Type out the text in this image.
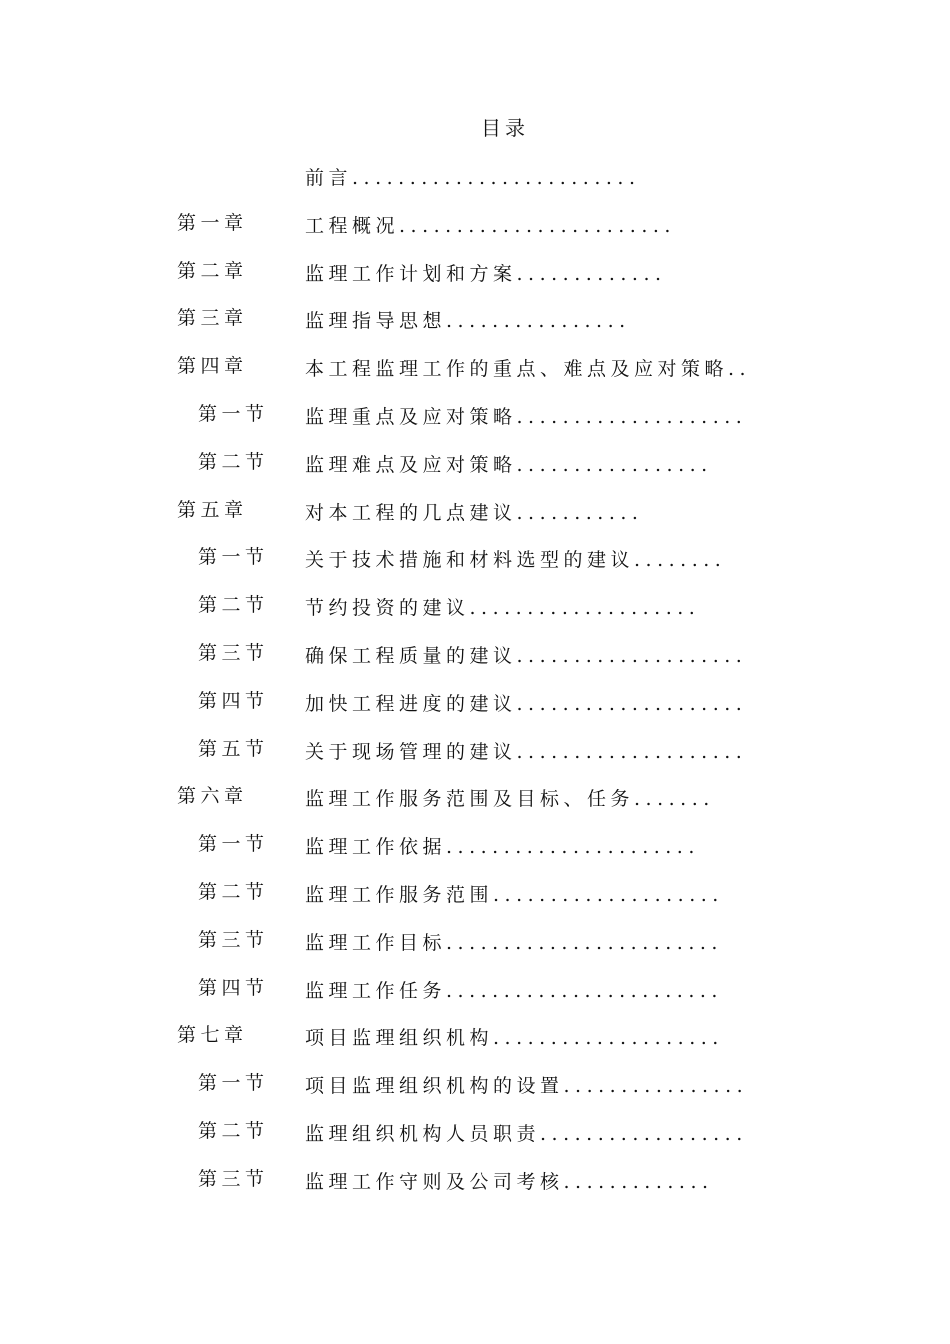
目录
前言.........................
第一章	工程概况........................
第二章	监理工作计划和方案.............
第三章	监理指导思想................
第四章	本工程监理工作的重点、难点及应对策略..
第一节 监理重点及应对策略....................
第二节 监理难点及应对策略.................
第五章	对本工程的几点建议...........
第一节 关于技术措施和材料选型的建议........
第二节 节约投资的建议....................
第三节 确保工程质量的建议....................
第四节 加快工程进度的建议....................
第五节 关于现场管理的建议....................
第六章	监理工作服务范围及目标、任务.......
第一节 监理工作依据......................
第二节 监理工作服务范围....................
第三节 监理工作目标........................
第四节 监理工作任务........................
第七章	项目监理组织机构....................
第一节 项目监理组织机构的设置................
第二节 监理组织机构人员职责..................
第三节 监理工作守则及公司考核.............
